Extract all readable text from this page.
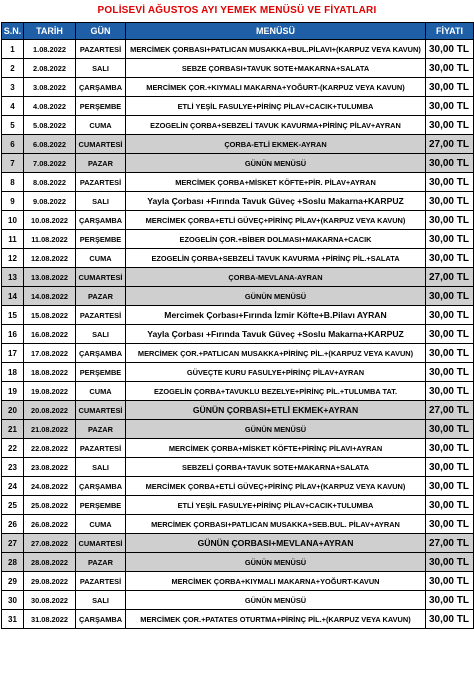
POLİSEVİ AĞUSTOS AYI YEMEK MENÜSÜ VE FİYATLARI
S.N.	TARİH	GÜN	MENÜSÜ	FİYATI
1	1.08.2022	PAZARTESİ	MERCİMEK ÇORBASI+PATLICAN MUSAKKA+BUL.PİLAVI+(KARPUZ VEYA KAVUN)	30,00 TL
2	2.08.2022	SALI	SEBZE ÇORBASI+TAVUK SOTE+MAKARNA+SALATA	30,00 TL
3	3.08.2022	ÇARŞAMBA	MERCİMEK ÇOR.+KIYMALI MAKARNA+YOĞURT-(KARPUZ VEYA KAVUN)	30,00 TL
4	4.08.2022	PERŞEMBE	ETLİ YEŞİL FASULYE+PİRİNÇ PİLAV+CACIK+TULUMBA	30,00 TL
5	5.08.2022	CUMA	EZOGELİN ÇORBA+SEBZELİ TAVUK KAVURMA+PİRİNÇ PİLAV+AYRAN	30,00 TL
6	6.08.2022	CUMARTESİ	ÇORBA-ETLİ EKMEK-AYRAN	27,00 TL
7	7.08.2022	PAZAR	GÜNÜN MENÜSÜ	30,00 TL
8	8.08.2022	PAZARTESİ	MERCİMEK ÇORBA+MİSKET KÖFTE+PİR. PİLAV+AYRAN	30,00 TL
9	9.08.2022	SALI	Yayla Çorbası +Fırında Tavuk Güveç +Soslu Makarna+KARPUZ	30,00 TL
10	10.08.2022	ÇARŞAMBA	MERCİMEK ÇORBA+ETLİ GÜVEÇ+PİRİNÇ PİLAV+(KARPUZ VEYA KAVUN)	30,00 TL
11	11.08.2022	PERŞEMBE	EZOGELİN ÇOR.+BİBER DOLMASI+MAKARNA+CACIK	30,00 TL
12	12.08.2022	CUMA	EZOGELİN ÇORBA+SEBZELİ TAVUK KAVURMA +PİRİNÇ PİL.+SALATA	30,00 TL
13	13.08.2022	CUMARTESİ	ÇORBA-MEVLANA-AYRAN	27,00 TL
14	14.08.2022	PAZAR	GÜNÜN MENÜSÜ	30,00 TL
15	15.08.2022	PAZARTESİ	Mercimek Çorbası+Fırında İzmir Köfte+B.Pilavı AYRAN	30,00 TL
16	16.08.2022	SALI	Yayla Çorbası +Fırında Tavuk Güveç +Soslu Makarna+KARPUZ	30,00 TL
17	17.08.2022	ÇARŞAMBA	MERCİMEK ÇOR.+PATLICAN MUSAKKA+PİRİNÇ PİL.+(KARPUZ VEYA KAVUN)	30,00 TL
18	18.08.2022	PERŞEMBE	GÜVEÇTE KURU FASULYE+PİRİNÇ PİLAV+AYRAN	30,00 TL
19	19.08.2022	CUMA	EZOGELİN ÇORBA+TAVUKLU BEZELYE+PİRİNÇ PİL.+TULUMBA TAT.	30,00 TL
20	20.08.2022	CUMARTESİ	GÜNÜN ÇORBASI+ETLİ EKMEK+AYRAN	27,00 TL
21	21.08.2022	PAZAR	GÜNÜN MENÜSÜ	30,00 TL
22	22.08.2022	PAZARTESİ	MERCİMEK ÇORBA+MİSKET KÖFTE+PİRİNÇ PİLAVI+AYRAN	30,00 TL
23	23.08.2022	SALI	SEBZELİ ÇORBA+TAVUK SOTE+MAKARNA+SALATA	30,00 TL
24	24.08.2022	ÇARŞAMBA	MERCİMEK ÇORBA+ETLİ GÜVEÇ+PİRİNÇ PİLAV+(KARPUZ VEYA KAVUN)	30,00 TL
25	25.08.2022	PERŞEMBE	ETLİ YEŞİL FASULYE+PİRİNÇ PİLAV+CACIK+TULUMBA	30,00 TL
26	26.08.2022	CUMA	MERCİMEK ÇORBASI+PATLICAN MUSAKKA+SEB.BUL. PİLAV+AYRAN	30,00 TL
27	27.08.2022	CUMARTESİ	GÜNÜN ÇORBASI+MEVLANA+AYRAN	27,00 TL
28	28.08.2022	PAZAR	GÜNÜN MENÜSÜ	30,00 TL
29	29.08.2022	PAZARTESİ	MERCİMEK ÇORBA+KIYMALI MAKARNA+YOĞURT-KAVUN	30,00 TL
30	30.08.2022	SALI	GÜNÜN MENÜSÜ	30,00 TL
31	31.08.2022	ÇARŞAMBA	MERCİMEK ÇOR.+PATATES OTURTMA+PİRİNÇ PİL.+(KARPUZ VEYA KAVUN)	30,00 TL
